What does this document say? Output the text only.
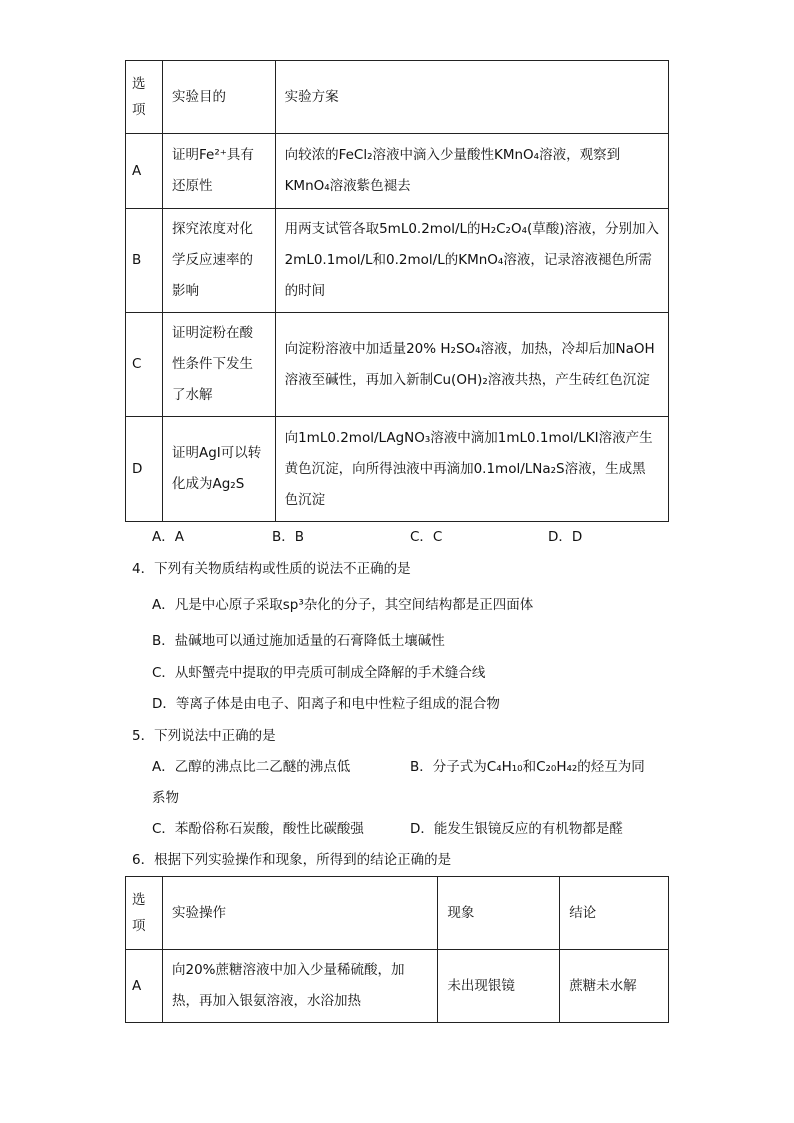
选项	实验目的	实验方案
A	证明Fe²⁺具有还原性	向较浓的FeCl₂溶液中滴入少量酸性KMnO₄溶液，观察到KMnO₄溶液紫色褪去
B	探究浓度对化学反应速率的影响	用两支试管各取5mL0.2mol/L的H₂C₂O₄(草酸)溶液，分别加入2mL0.1mol/L和0.2mol/L的KMnO₄溶液，记录溶液褪色所需的时间
C	证明淀粉在酸性条件下发生了水解	向淀粉溶液中加适量20% H₂SO₄溶液，加热，冷却后加NaOH溶液至碱性，再加入新制Cu(OH)₂溶液共热，产生砖红色沉淀
D	证明AgI可以转化成为Ag₂S	向1mL0.2mol/LAgNO₃溶液中滴加1mL0.1mol/LKI溶液产生黄色沉淀，向所得浊液中再滴加0.1mol/LNa₂S溶液，生成黑色沉淀
A．A	B．B	C．C	D．D
4．下列有关物质结构或性质的说法不正确的是
A．凡是中心原子采取sp³杂化的分子，其空间结构都是正四面体
B．盐碱地可以通过施加适量的石膏降低土壤碱性
C．从虾蟹壳中提取的甲壳质可制成全降解的手术缝合线
D．等离子体是由电子、阳离子和电中性粒子组成的混合物
5．下列说法中正确的是
A．乙醇的沸点比二乙醚的沸点低	B．分子式为C₄H₁₀和C₂₀H₄₂的烃互为同
系物
C．苯酚俗称石炭酸，酸性比碳酸强	D．能发生银镜反应的有机物都是醛
6．根据下列实验操作和现象，所得到的结论正确的是
选项	实验操作	现象	结论
A	向20%蔗糖溶液中加入少量稀硫酸，加热，再加入银氨溶液，水浴加热	未出现银镜	蔗糖未水解
